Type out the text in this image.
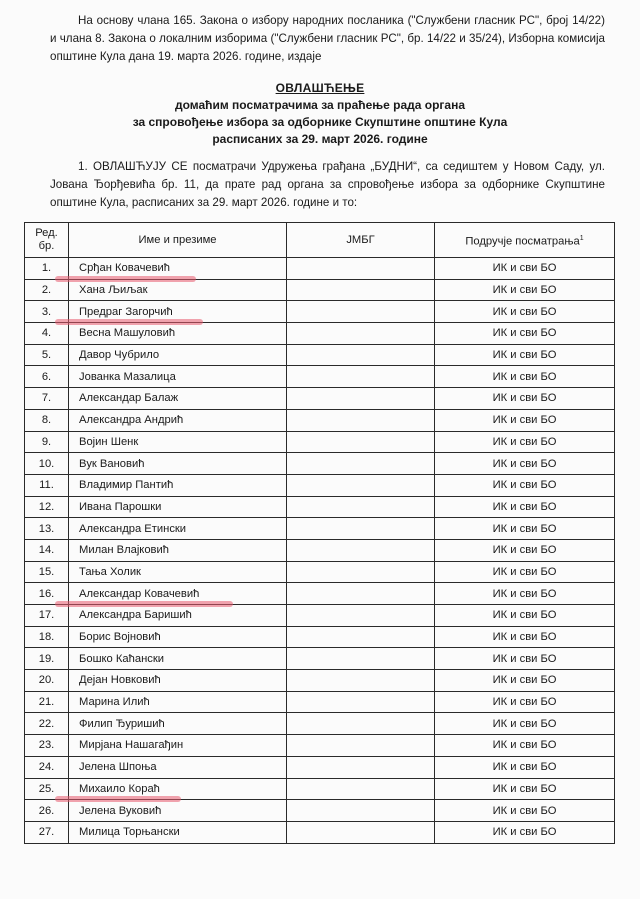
На основу члана 165. Закона о избору народних посланика ("Службени гласник РС", број 14/22) и члана 8. Закона о локалним изборима ("Службени гласник РС", бр. 14/22 и 35/24), Изборна комисија општине Кула дана 19. марта 2026. године, издаје
ОВЛАШЋЕЊЕ
домаћим посматрачима за праћење рада органа
за спровођење избора за одборнике Скупштине општине Кула
расписаних за 29. март 2026. године
1. ОВЛАШЋУЈУ СЕ посматрачи Удружења грађана „БУДНИ“, са седиштем у Новом Саду, ул. Јована Ђорђевића бр. 11, да прате рад органа за спровођење избора за одборнике Скупштине општине Кула, расписаних за 29. март 2026. године и то:
Ред.
бр.	Име и презиме	ЈМБГ	Подручје посматрања$^1$
1.	Срђан Ковачевић		ИК и сви БО
2.	Хана Љиљак		ИК и сви БО
3.	Предраг Загорчић		ИК и сви БО
4.	Весна Машуловић		ИК и сви БО
5.	Давор Чубрило		ИК и сви БО
6.	Јованка Мазалица		ИК и сви БО
7.	Александар Балаж		ИК и сви БО
8.	Александра Андрић		ИК и сви БО
9.	Војин Шенк		ИК и сви БО
10.	Вук Вановић		ИК и сви БО
11.	Владимир Пантић		ИК и сви БО
12.	Ивана Парошки		ИК и сви БО
13.	Александра Етински		ИК и сви БО
14.	Милан Влајковић		ИК и сви БО
15.	Тања Холик		ИК и сви БО
16.	Александар Ковачевић		ИК и сви БО
17.	Александра Баришић		ИК и сви БО
18.	Борис Војновић		ИК и сви БО
19.	Бошко Каћански		ИК и сви БО
20.	Дејан Новковић		ИК и сви БО
21.	Марина Илић		ИК и сви БО
22.	Филип Ђуришић		ИК и сви БО
23.	Мирјана Нашагађин		ИК и сви БО
24.	Јелена Шпоња		ИК и сви БО
25.	Михаило Кораћ		ИК и сви БО
26.	Јелена Вуковић		ИК и сви БО
27.	Милица Торњански		ИК и сви БО
